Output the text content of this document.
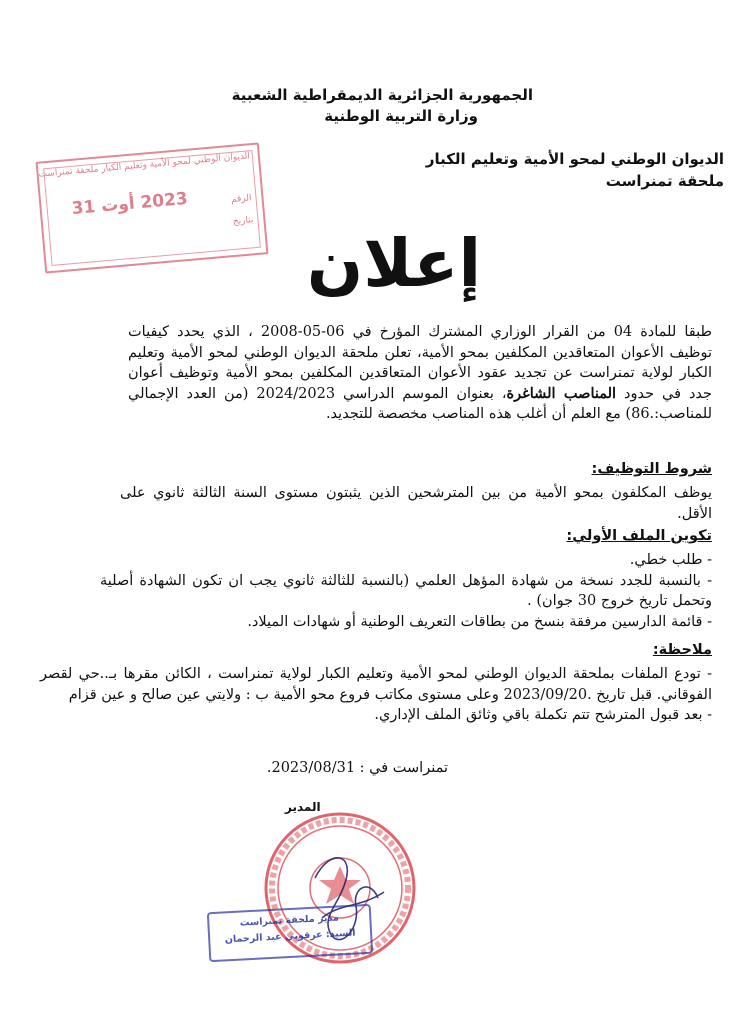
الجمهورية الجزائرية الديمقراطية الشعبية
وزارة التربية الوطنية
الديوان الوطني لمحو الأمية وتعليم الكبار
ملحقة تمنراست
الديوان الوطني لمحو الأمية وتعليم الكبار ملحقة تمنراست
2023 أوت 31	الرقم
بتاريخ
إعلان

طبقا للمادة 04 من القرار الوزاري المشترك المؤرخ في 06-05-2008 ، الذي يحدد كيفيات توظيف الأعوان المتعاقدين المكلفين بمحو الأمية، تعلن ملحقة الديوان الوطني لمحو الأمية وتعليم الكبار لولاية تمنراست عن تجديد عقود الأعوان المتعاقدين المكلفين بمحو الأمية وتوظيف أعوان جدد في حدود المناصب الشاغرة، بعنوان الموسم الدراسي 2024/2023 (من العدد الإجمالي للمناصب:.86) مع العلم أن أغلب هذه المناصب مخصصة للتجديد.

شروط التوظيف:

يوظف المكلفون بمحو الأمية من بين المترشحين الذين يثبتون مستوى السنة الثالثة ثانوي على الأقل.

تكوين الملف الأولي:
- طلب خطي.
- بالنسبة للجدد نسخة من شهادة المؤهل العلمي (بالنسبة للثالثة ثانوي يجب ان تكون الشهادة أصلية وتحمل تاريخ خروج 30 جوان) .
- قائمة الدارسين مرفقة بنسخ من بطاقات التعريف الوطنية أو شهادات الميلاد.
ملاحظة:
- تودع الملفات بملحقة الديوان الوطني لمحو الأمية وتعليم الكبار لولاية تمنراست ، الكائن مقرها بـ..حي لقصر الفوقاني. قبل تاريخ .2023/09/20 وعلى مستوى مكاتب فروع محو الأمية ب : ولايتي عين صالح و عين قزام
- بعد قبول المترشح تتم تكملة باقي وثائق الملف الإداري.
تمنراست في : 2023/08/31.
المدير
مدير ملحقة تمنراست
السيد: عرقوبي عبد الرحمان
